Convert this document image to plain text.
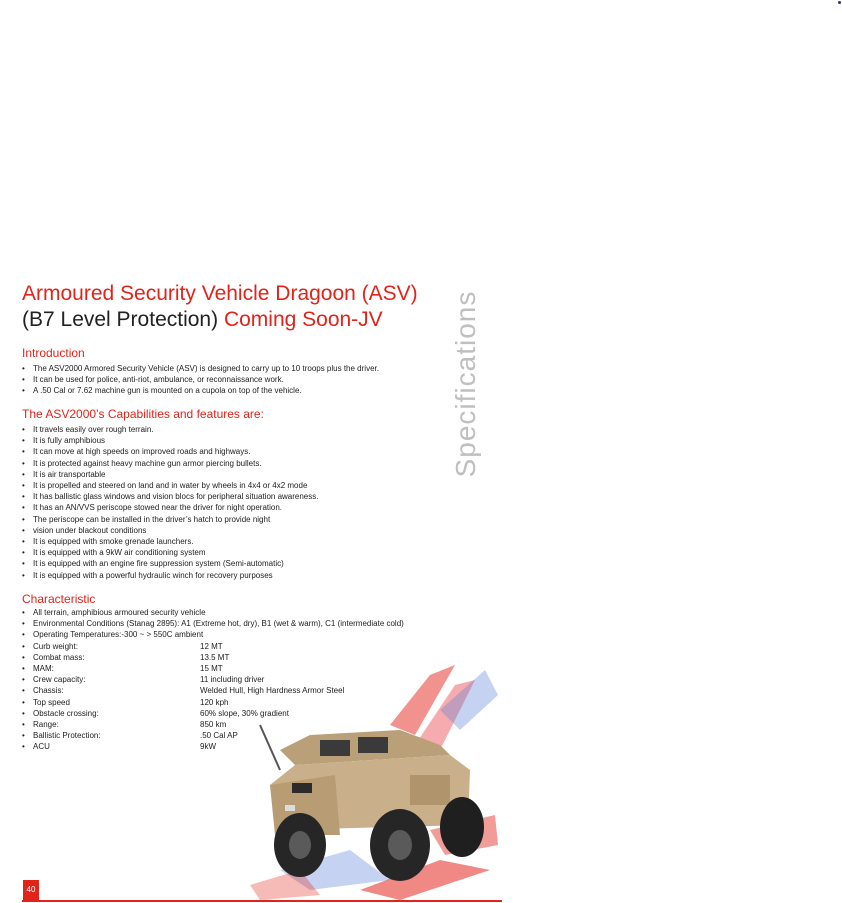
Armoured Security Vehicle Dragoon (ASV)
(B7 Level Protection) Coming Soon-JV	Specifications
Introduction
• The ASV2000 Armored Security Vehicle (ASV) is designed to carry up to 10 troops plus the driver.
• It can be used for police, anti-riot, ambulance, or reconnaissance work.
• A .50 Cal or 7.62 machine gun is mounted on a cupola on top of the vehicle.
The ASV2000’s Capabilities and features are:
• It travels easily over rough terrain.
• It is fully amphibious
• It can move at high speeds on improved roads and highways.
• It is protected against heavy machine gun armor piercing bullets.
• It is air transportable
• It is propelled and steered on land and in water by wheels in 4x4 or 4x2 mode
• It has ballistic glass windows and vision blocs for peripheral situation awareness.
• It has an AN/VVS periscope stowed near the driver for night operation.
• The periscope can be installed in the driver’s hatch to provide night
• vision under blackout conditions
• It is equipped with smoke grenade launchers.
• It is equipped with a 9kW air conditioning system
• It is equipped with an engine fire suppression system (Semi-automatic)
• It is equipped with a powerful hydraulic winch for recovery purposes
Characteristic
• All terrain, amphibious armoured security vehicle
• Environmental Conditions (Stanag 2895): A1 (Extreme hot, dry), B1 (wet & warm), C1 (intermediate cold)
• Operating Temperatures:-300 ~ > 550C ambient
• Curb weight:	12 MT
• Combat mass:	13.5 MT
• MAM:	15 MT
• Crew capacity:	11 including driver
• Chassis:	Welded Hull, High Hardness Armor Steel
• Top speed	120 kph
• Obstacle crossing:	60% slope, 30% gradient
• Range:	850 km
• Ballistic Protection:	.50 Cal AP
• ACU	9kW
40
